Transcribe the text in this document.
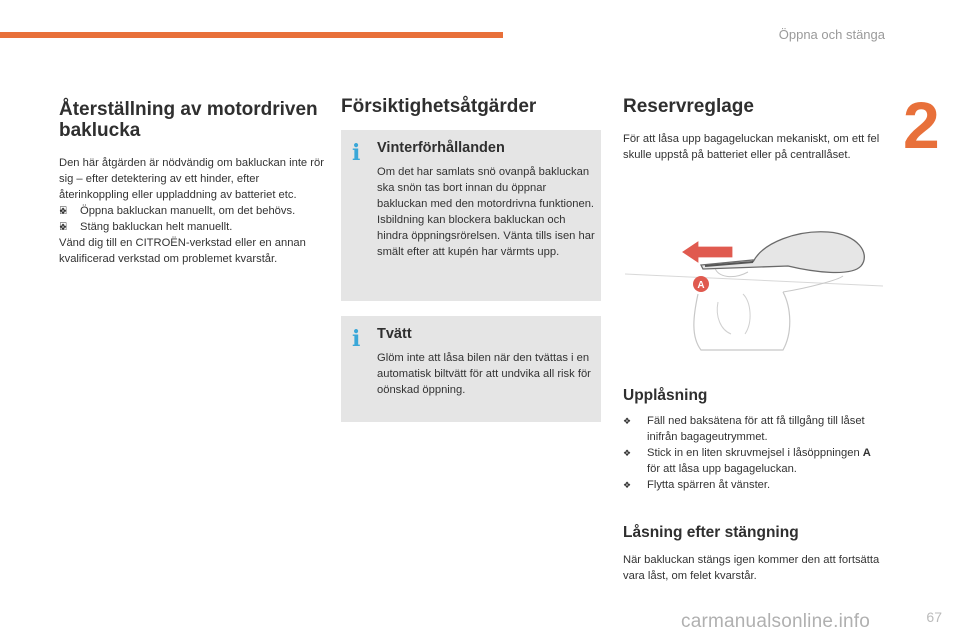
Öppna och stänga
2
Återställning av motordriven baklucka

Den här åtgärden är nödvändig om bakluckan inte rör sig – efter detektering av ett hinder, efter återinkoppling eller uppladdning av batteriet etc.

❖ Öppna bakluckan manuellt, om det behövs.
❖ Stäng bakluckan helt manuellt.

Vänd dig till en CITROËN-verkstad eller en annan kvalificerad verkstad om problemet kvarstår.

Försiktighetsåtgärder
i Vinterförhållanden

Om det har samlats snö ovanpå bakluckan ska snön tas bort innan du öppnar bakluckan med den motordrivna funktionen.

Isbildning kan blockera bakluckan och hindra öppningsrörelsen. Vänta tills isen har smält efter att kupén har värmts upp.

i Tvätt

Glöm inte att låsa bilen när den tvättas i en automatisk biltvätt för att undvika all risk för oönskad öppning.

Reservreglage

För att låsa upp bagageluckan mekaniskt, om ett fel skulle uppstå på batteriet eller på centrallåset.

A
Upplåsning
❖ Fäll ned baksätena för att få tillgång till låset inifrån bagageutrymmet.
❖ Stick in en liten skruvmejsel i låsöppningen A för att låsa upp bagageluckan.
❖ Flytta spärren åt vänster.
Låsning efter stängning

När bakluckan stängs igen kommer den att fortsätta vara låst, om felet kvarstår.

carmanualsonline.info	67
